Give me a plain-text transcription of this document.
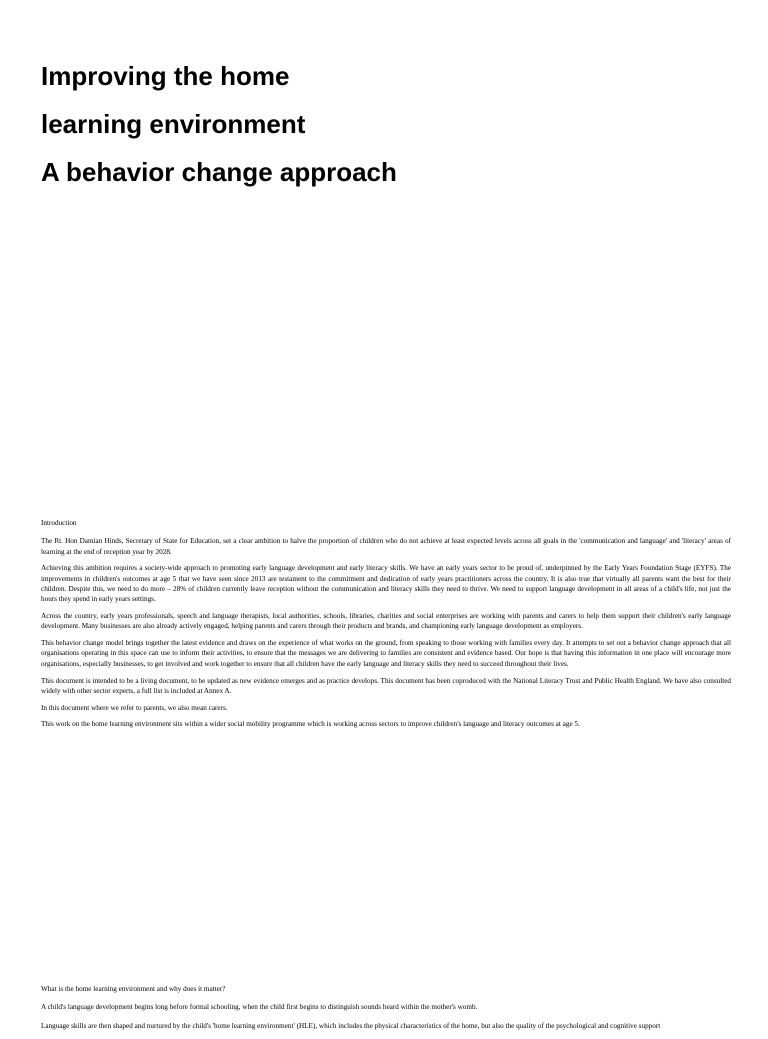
Improving the home
learning environment
A behavior change approach

Introduction

The Rt. Hon Damian Hinds, Secretary of State for Education, set a clear ambition to halve the proportion of children who do not achieve at least expected levels across all goals in the 'communication and language' and 'literacy' areas of learning at the end of reception year by 2028.

Achieving this ambition requires a society-wide approach to promoting early language development and early literacy skills. We have an early years sector to be proud of, underpinned by the Early Years Foundation Stage (EYFS). The improvements in children's outcomes at age 5 that we have seen since 2013 are testament to the commitment and dedication of early years practitioners across the country. It is also true that virtually all parents want the best for their children. Despite this, we need to do more – 28% of children currently leave reception without the communication and literacy skills they need to thrive. We need to support language development in all areas of a child's life, not just the hours they spend in early years settings.

Across the country, early years professionals, speech and language therapists, local authorities, schools, libraries, charities and social enterprises are working with parents and carers to help them support their children's early language development. Many businesses are also already actively engaged, helping parents and carers through their products and brands, and championing early language development as employers.

This behavior change model brings together the latest evidence and draws on the experience of what works on the ground, from speaking to those working with families every day. It attempts to set out a behavior change approach that all organisations operating in this space can use to inform their activities, to ensure that the messages we are delivering to families are consistent and evidence based. Our hope is that having this information in one place will encourage more organisations, especially businesses, to get involved and work together to ensure that all children have the early language and literacy skills they need to succeed throughout their lives.

This document is intended to be a living document, to be updated as new evidence emerges and as practice develops. This document has been coproduced with the National Literacy Trust and Public Health England. We have also consulted widely with other sector experts, a full list is included at Annex A.

In this document where we refer to parents, we also mean carers.

This work on the home learning environment sits within a wider social mobility programme which is working across sectors to improve children's language and literacy outcomes at age 5.

What is the home learning environment and why does it matter?

A child's language development begins long before formal schooling, when the child first begins to distinguish sounds heard within the mother's womb.

Language skills are then shaped and nurtured by the child's 'home learning environment' (HLE), which includes the physical characteristics of the home, but also the quality of the psychological and cognitive support
